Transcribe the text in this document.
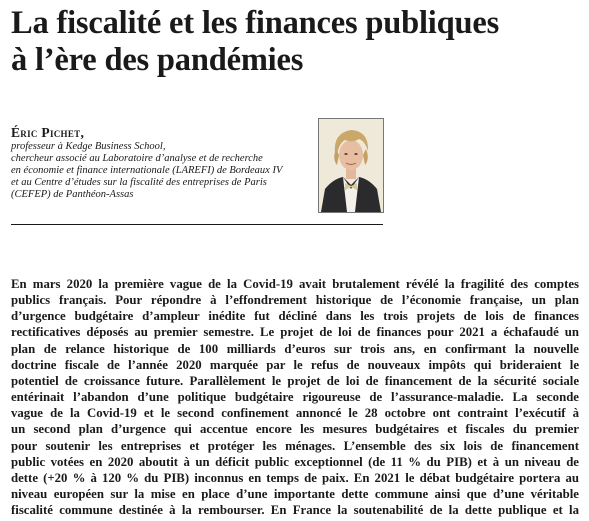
La fiscalité et les finances publiques
à l’ère des pandémies
Éric Pichet,
professeur à Kedge Business School,
chercheur associé au Laboratoire d’analyse et de recherche
en économie et finance internationale (LAREFI) de Bordeaux IV
et au Centre d’études sur la fiscalité des entreprises de Paris
(CEFEP) de Panthéon-Assas
En mars 2020 la première vague de la Covid-19 avait brutalement révélé la fragilité des comptes
publics français. Pour répondre à l’effondrement historique de l’économie française, un plan
d’urgence budgétaire d’ampleur inédite fut décliné dans les trois projets de lois de finances
rectificatives déposés au premier semestre. Le projet de loi de finances pour 2021 a échafaudé un
plan de relance historique de 100 milliards d’euros sur trois ans, en confirmant la nouvelle
doctrine fiscale de l’année 2020 marquée par le refus de nouveaux impôts qui brideraient le
potentiel de croissance future. Parallèlement le projet de loi de financement de la sécurité sociale
entérinait l’abandon d’une politique budgétaire rigoureuse de l’assurance-maladie. La seconde
vague de la Covid-19 et le second confinement annoncé le 28 octobre ont contraint l’exécutif à
un second plan d’urgence qui accentue encore les mesures budgétaires et fiscales du premier
pour soutenir les entreprises et protéger les ménages. L’ensemble des six lois de financement
public votées en 2020 aboutit à un déficit public exceptionnel (de 11 % du PIB) et à un niveau de
dette (+20 % à 120 % du PIB) inconnus en temps de paix. En 2021 le débat budgétaire portera au
niveau européen sur la mise en place d’une importante dette commune ainsi que d’une véritable
fiscalité commune destinée à la rembourser. En France la soutenabilité de la dette publique et la
